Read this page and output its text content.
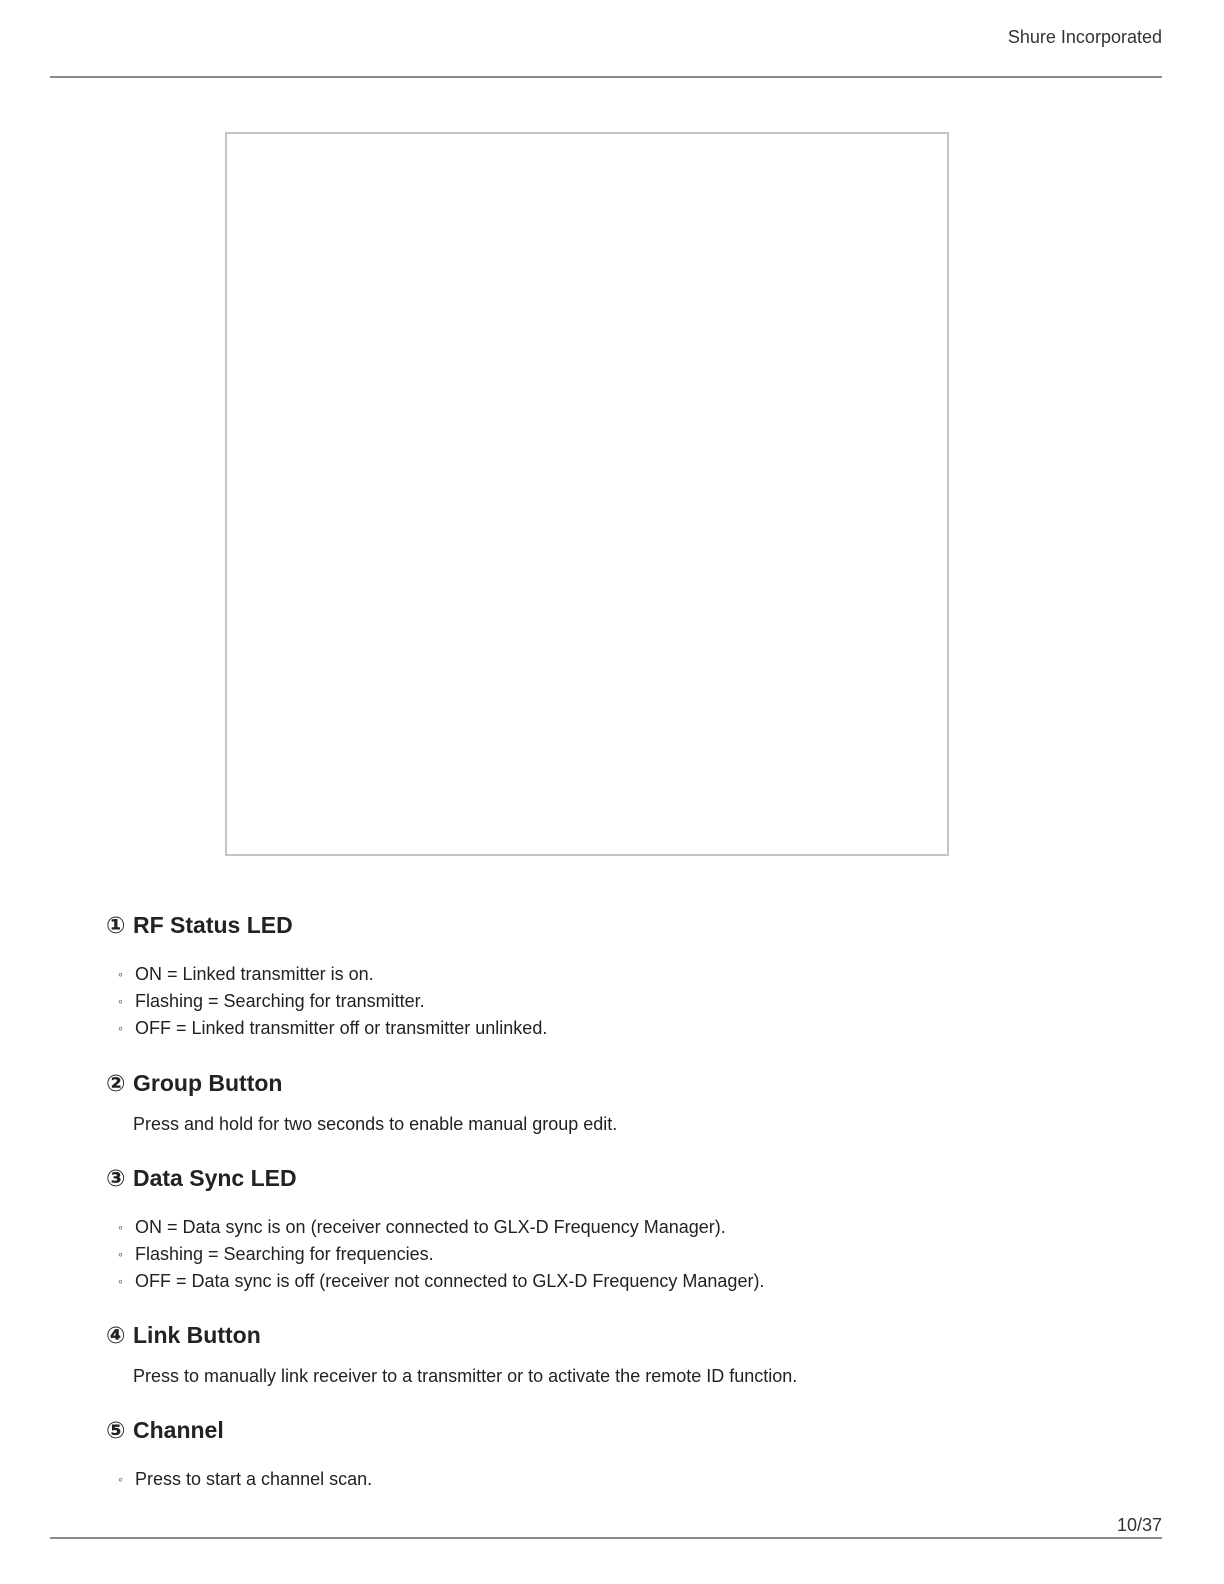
Shure Incorporated
① RF Status LED
◦ ON = Linked transmitter is on.
◦ Flashing = Searching for transmitter.
◦ OFF = Linked transmitter off or transmitter unlinked.
② Group Button

Press and hold for two seconds to enable manual group edit.

③ Data Sync LED
◦ ON = Data sync is on (receiver connected to GLX-D Frequency Manager).
◦ Flashing = Searching for frequencies.
◦ OFF = Data sync is off (receiver not connected to GLX-D Frequency Manager).
④ Link Button

Press to manually link receiver to a transmitter or to activate the remote ID function.

⑤ Channel
◦ Press to start a channel scan.
10/37
